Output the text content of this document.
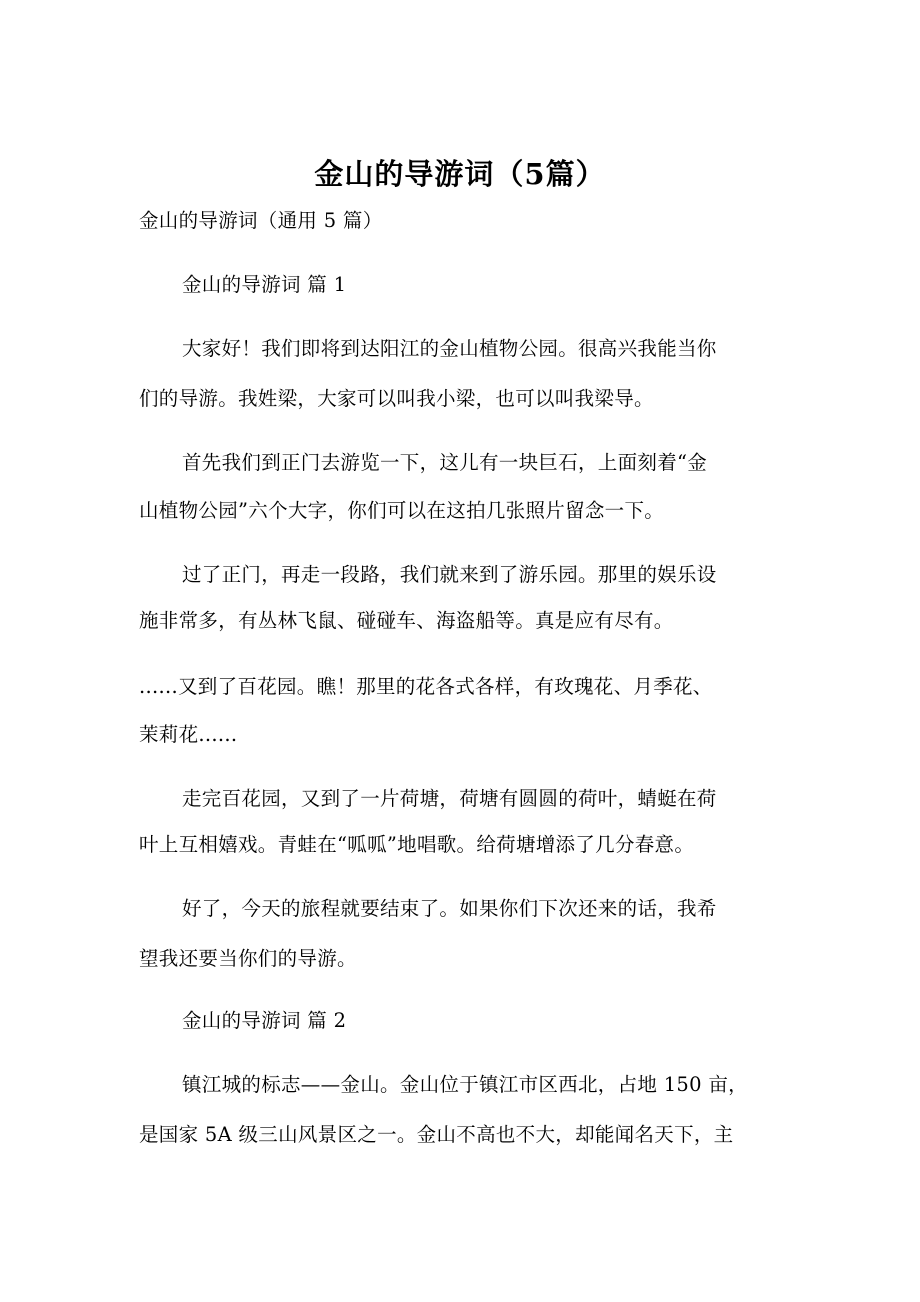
金山的导游词（5篇）
金山的导游词（通用 5 篇）
金山的导游词 篇 1
大家好！我们即将到达阳江的金山植物公园。很高兴我能当你
们的导游。我姓梁，大家可以叫我小梁，也可以叫我梁导。
首先我们到正门去游览一下，这儿有一块巨石，上面刻着“金
山植物公园”六个大字，你们可以在这拍几张照片留念一下。
过了正门，再走一段路，我们就来到了游乐园。那里的娱乐设
施非常多，有丛林飞鼠、碰碰车、海盗船等。真是应有尽有。
......又到了百花园。瞧！那里的花各式各样，有玫瑰花、月季花、
茉莉花......
走完百花园，又到了一片荷塘，荷塘有圆圆的荷叶，蜻蜓在荷
叶上互相嬉戏。青蛙在“呱呱”地唱歌。给荷塘增添了几分春意。
好了，今天的旅程就要结束了。如果你们下次还来的话，我希
望我还要当你们的导游。
金山的导游词 篇 2
镇江城的标志——金山。金山位于镇江市区西北，占地 150 亩，
是国家 5A 级三山风景区之一。金山不高也不大，却能闻名天下，主
